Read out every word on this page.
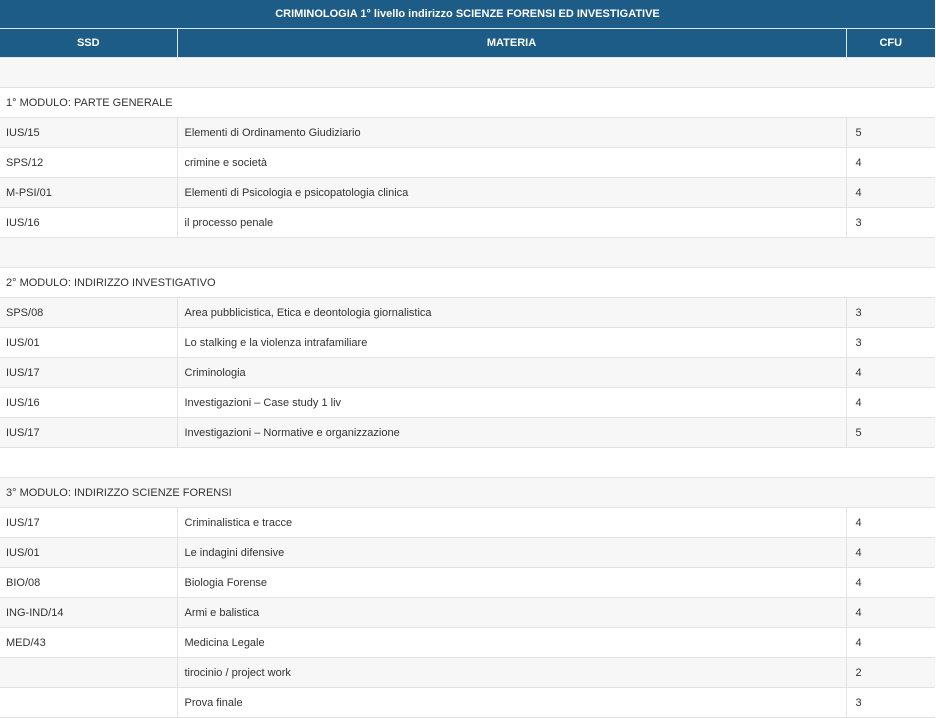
CRIMINOLOGIA 1° livello indirizzo SCIENZE FORENSI ED INVESTIGATIVE		
SSD	MATERIA	CFU

1° MODULO: PARTE GENERALE		
IUS/15	Elementi di Ordinamento Giudiziario	5
SPS/12	crimine e società	4
M-PSI/01	Elementi di Psicologia e psicopatologia clinica	4
IUS/16	il processo penale	3

2° MODULO: INDIRIZZO INVESTIGATIVO		
SPS/08	Area pubblicistica, Etica e deontologia giornalistica	3
IUS/01	Lo stalking e la violenza intrafamiliare	3
IUS/17	Criminologia	4
IUS/16	Investigazioni – Case study 1 liv	4
IUS/17	Investigazioni – Normative e organizzazione	5

3° MODULO: INDIRIZZO SCIENZE FORENSI		
IUS/17	Criminalistica e tracce	4
IUS/01	Le indagini difensive	4
BIO/08	Biologia Forense	4
ING-IND/14	Armi e balistica	4
MED/43	Medicina Legale	4
	tirocinio / project work	2
	Prova finale	3
